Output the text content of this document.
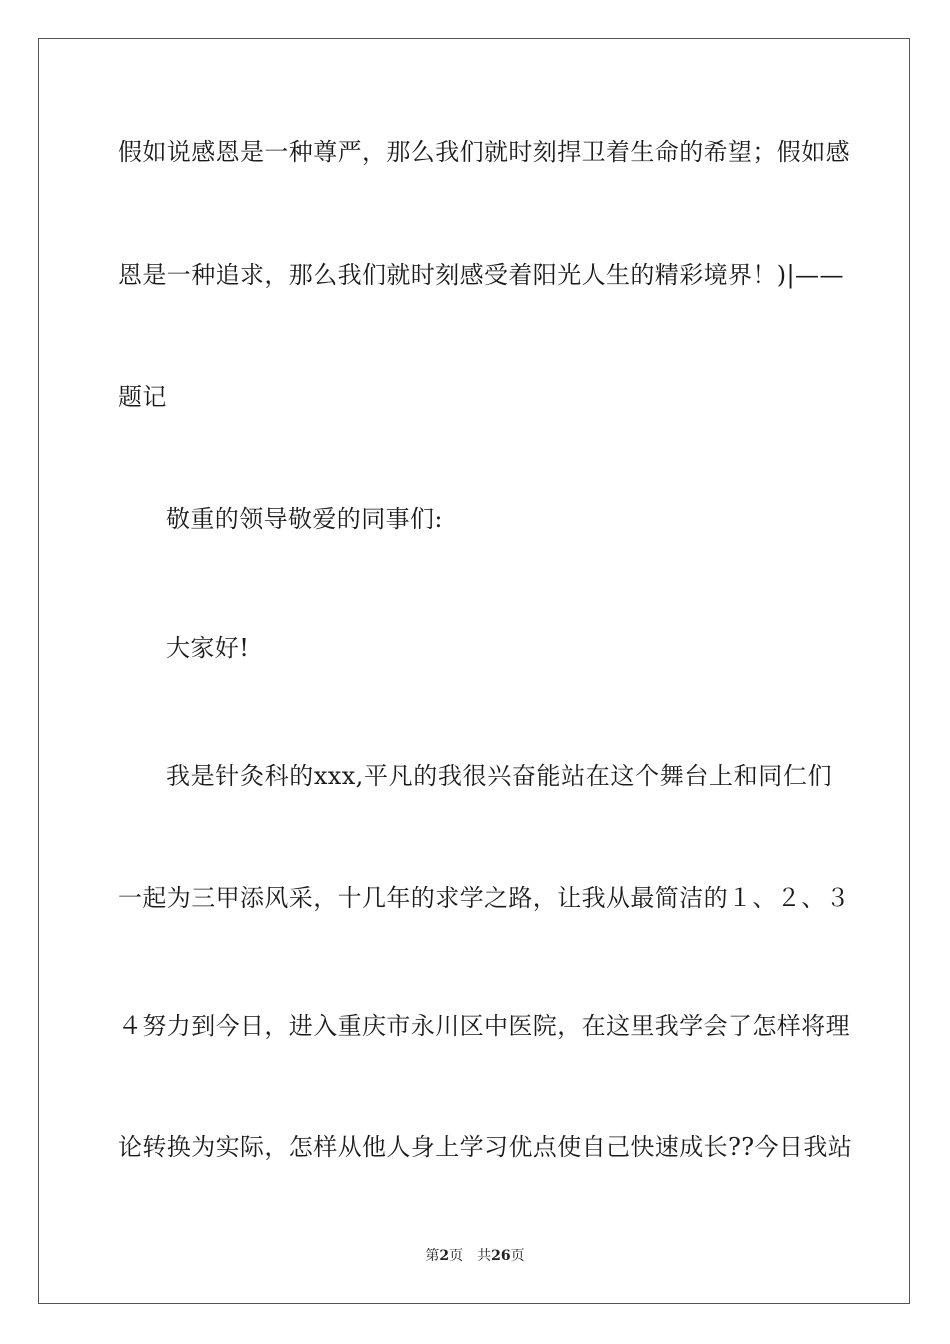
假如说感恩是一种尊严，那么我们就时刻捍卫着生命的希望；假如感
恩是一种追求，那么我们就时刻感受着阳光人生的精彩境界！)|——
题记
敬重的领导敬爱的同事们:
大家好!
我是针灸科的xxx,平凡的我很兴奋能站在这个舞台上和同仁们
一起为三甲添风采，十几年的求学之路，让我从最简洁的１、２、３
４努力到今日，进入重庆市永川区中医院，在这里我学会了怎样将理
论转换为实际，怎样从他人身上学习优点使自己快速成长??今日我站
第2页 共26页
